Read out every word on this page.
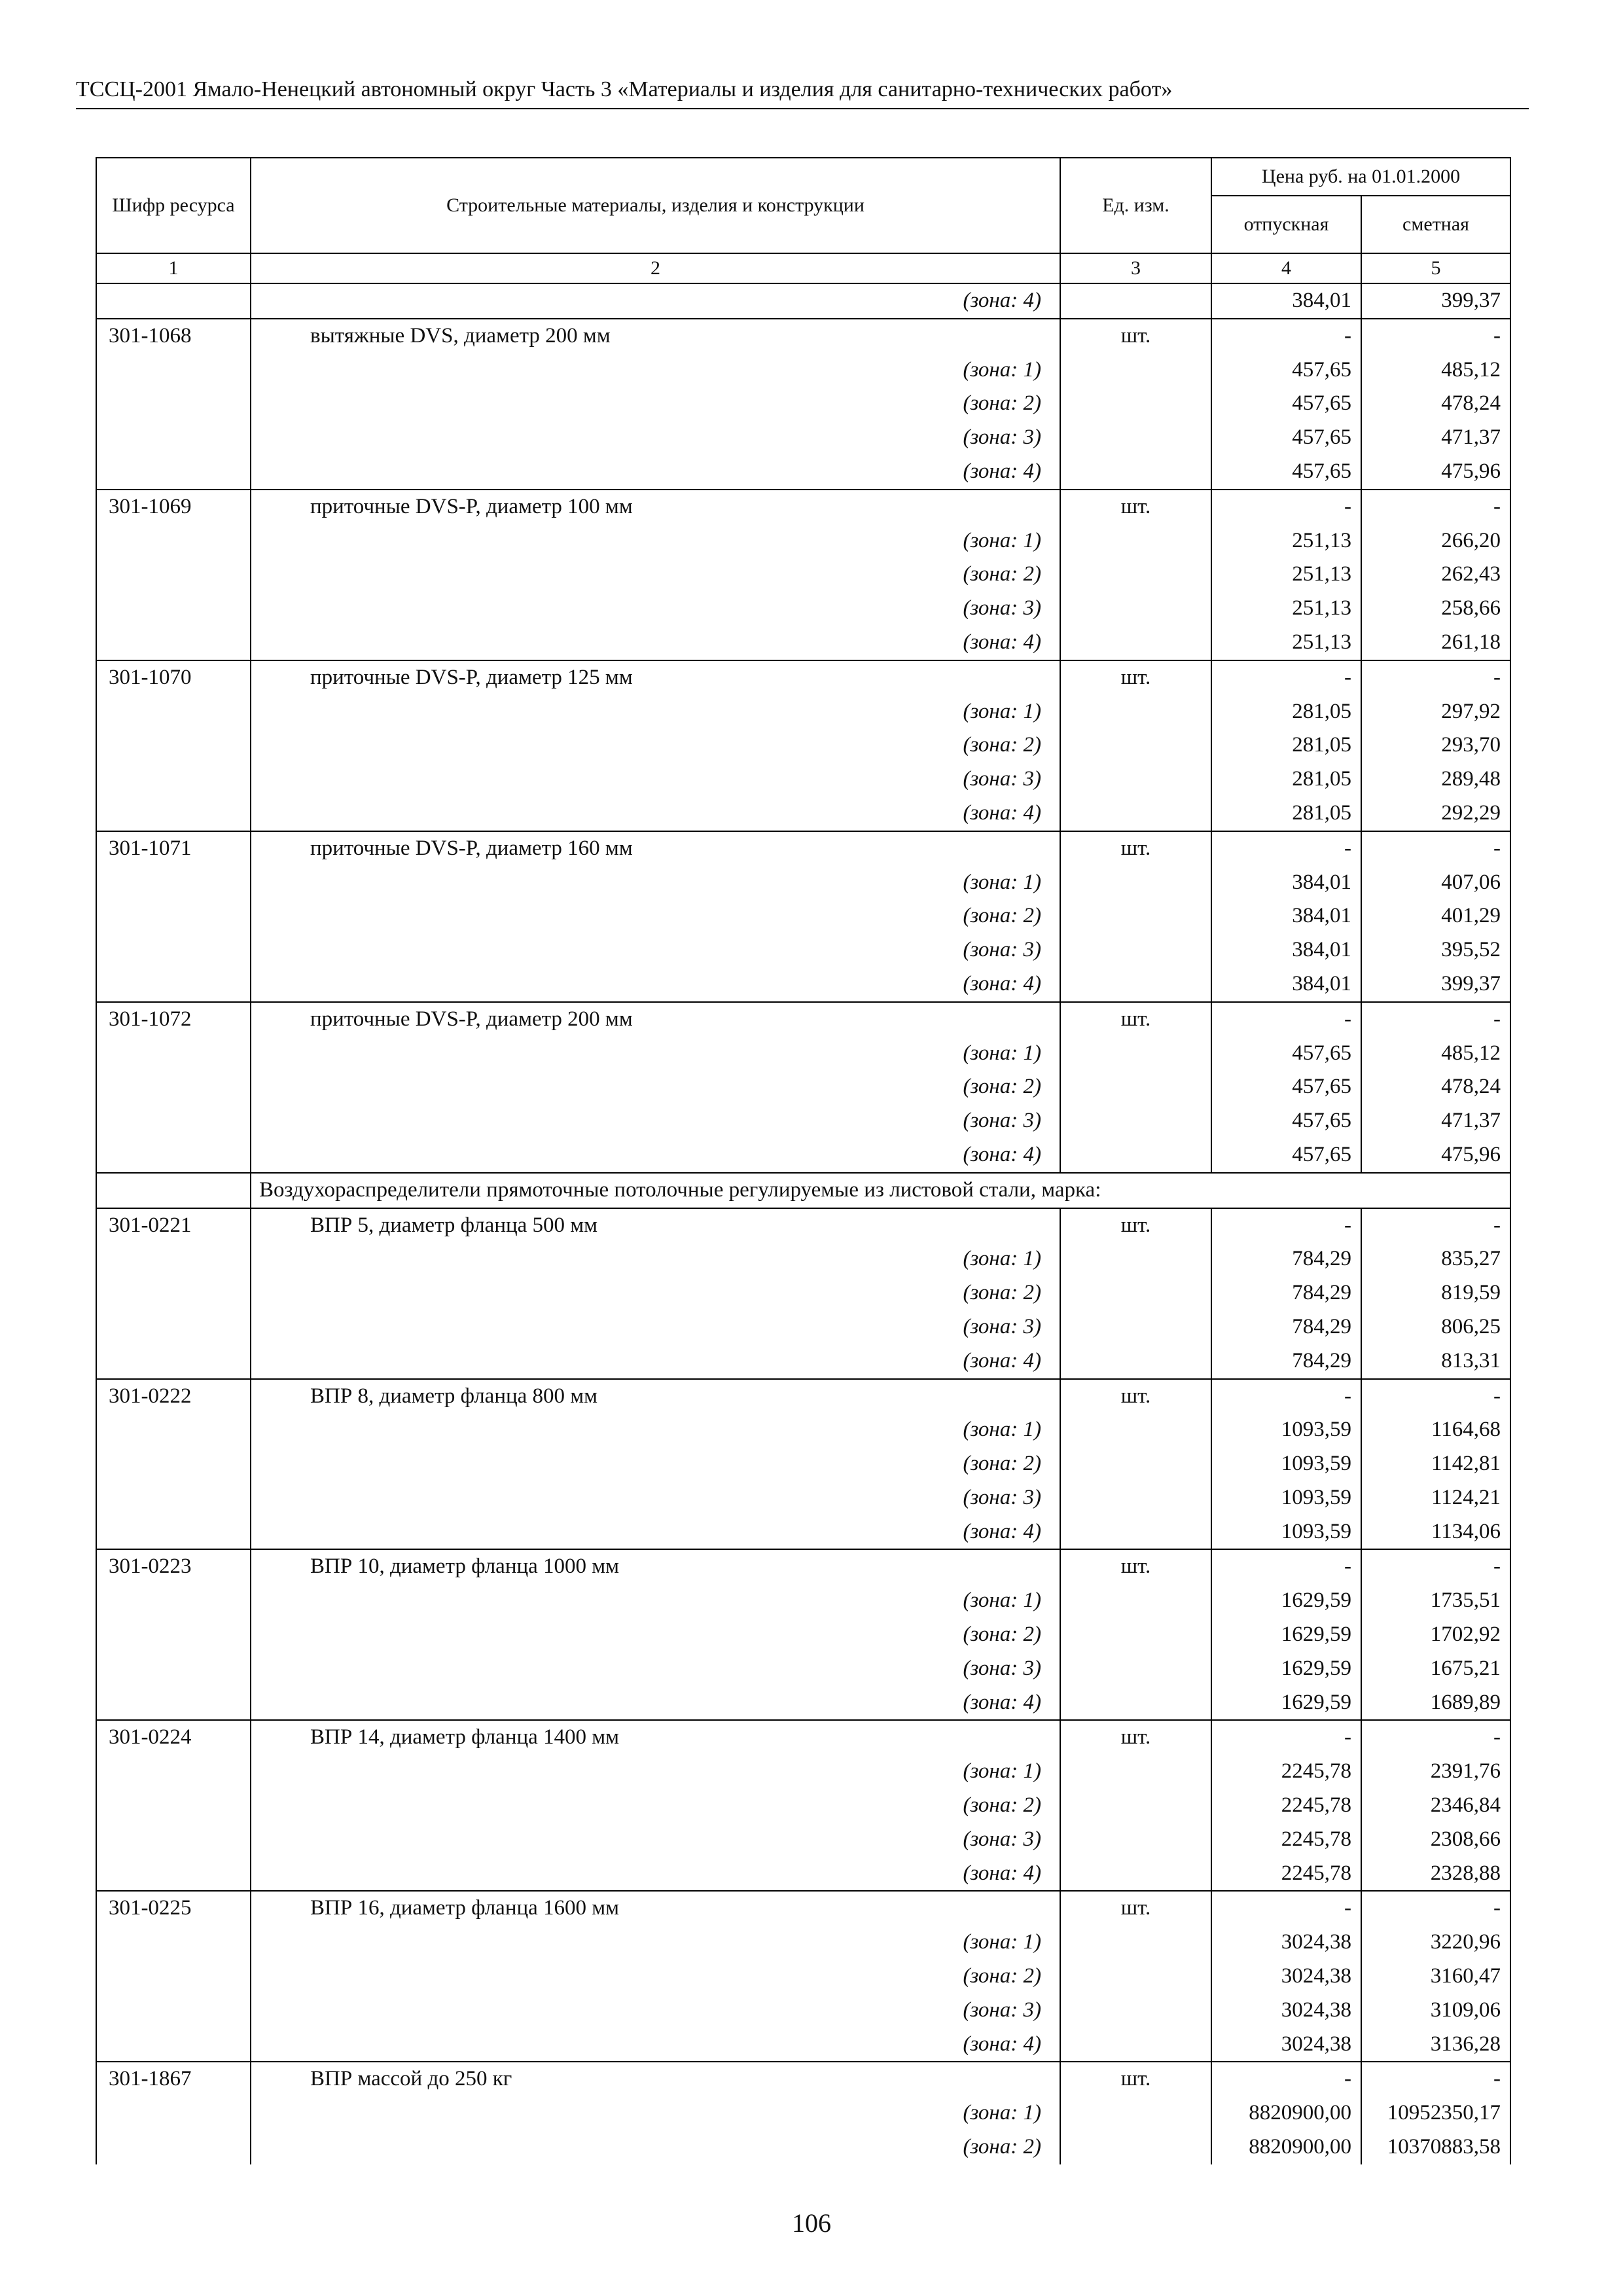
ТССЦ-2001 Ямало-Ненецкий автономный округ Часть 3 «Материалы и изделия для санитарно-технических работ»
Шифр ресурса	Строительные материалы, изделия и конструкции	Ед. изм.	Цена руб. на 01.01.2000	
			отпускная	сметная
1	2	3	4	5
	(зона: 4)		384,01	399,37
301-1068	вытяжные DVS, диаметр 200 мм	шт.	-	-
	(зона: 1)		457,65	485,12
	(зона: 2)		457,65	478,24
	(зона: 3)		457,65	471,37
	(зона: 4)		457,65	475,96
301-1069	приточные DVS-P, диаметр 100 мм	шт.	-	-
	(зона: 1)		251,13	266,20
	(зона: 2)		251,13	262,43
	(зона: 3)		251,13	258,66
	(зона: 4)		251,13	261,18
301-1070	приточные DVS-P, диаметр 125 мм	шт.	-	-
	(зона: 1)		281,05	297,92
	(зона: 2)		281,05	293,70
	(зона: 3)		281,05	289,48
	(зона: 4)		281,05	292,29
301-1071	приточные DVS-P, диаметр 160 мм	шт.	-	-
	(зона: 1)		384,01	407,06
	(зона: 2)		384,01	401,29
	(зона: 3)		384,01	395,52
	(зона: 4)		384,01	399,37
301-1072	приточные DVS-P, диаметр 200 мм	шт.	-	-
	(зона: 1)		457,65	485,12
	(зона: 2)		457,65	478,24
	(зона: 3)		457,65	471,37
	(зона: 4)		457,65	475,96
	Воздухораспределители прямоточные потолочные регулируемые из листовой стали, марка:			
301-0221	ВПР 5, диаметр фланца 500 мм	шт.	-	-
	(зона: 1)		784,29	835,27
	(зона: 2)		784,29	819,59
	(зона: 3)		784,29	806,25
	(зона: 4)		784,29	813,31
301-0222	ВПР 8, диаметр фланца 800 мм	шт.	-	-
	(зона: 1)		1093,59	1164,68
	(зона: 2)		1093,59	1142,81
	(зона: 3)		1093,59	1124,21
	(зона: 4)		1093,59	1134,06
301-0223	ВПР 10, диаметр фланца 1000 мм	шт.	-	-
	(зона: 1)		1629,59	1735,51
	(зона: 2)		1629,59	1702,92
	(зона: 3)		1629,59	1675,21
	(зона: 4)		1629,59	1689,89
301-0224	ВПР 14, диаметр фланца 1400 мм	шт.	-	-
	(зона: 1)		2245,78	2391,76
	(зона: 2)		2245,78	2346,84
	(зона: 3)		2245,78	2308,66
	(зона: 4)		2245,78	2328,88
301-0225	ВПР 16, диаметр фланца 1600 мм	шт.	-	-
	(зона: 1)		3024,38	3220,96
	(зона: 2)		3024,38	3160,47
	(зона: 3)		3024,38	3109,06
	(зона: 4)		3024,38	3136,28
301-1867	ВПР массой до 250 кг	шт.	-	-
	(зона: 1)		8820900,00	10952350,17
	(зона: 2)		8820900,00	10370883,58
106
